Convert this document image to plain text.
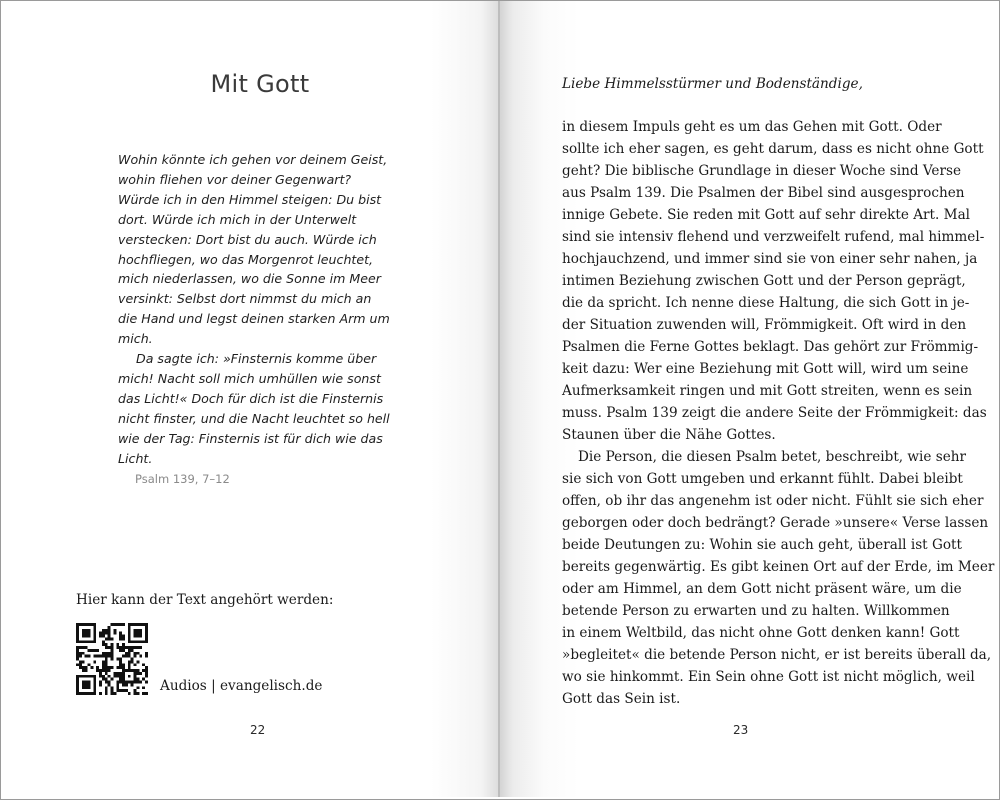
Mit Gott
Wohin könnte ich gehen vor deinem Geist,
wohin fliehen vor deiner Gegenwart?
Würde ich in den Himmel steigen: Du bist
dort. Würde ich mich in der Unterwelt
verstecken: Dort bist du auch. Würde ich
hochfliegen, wo das Morgenrot leuchtet,
mich niederlassen, wo die Sonne im Meer
versinkt: Selbst dort nimmst du mich an
die Hand und legst deinen starken Arm um
mich.
Da sagte ich: »Finsternis komme über
mich! Nacht soll mich umhüllen wie sonst
das Licht!« Doch für dich ist die Finsternis
nicht finster, und die Nacht leuchtet so hell
wie der Tag: Finsternis ist für dich wie das
Licht.
Psalm 139, 7–12
Hier kann der Text angehört werden:
Audios | evangelisch.de
22
Liebe Himmelsstürmer und Bodenständige,
in diesem Impuls geht es um das Gehen mit Gott. Oder
sollte ich eher sagen, es geht darum, dass es nicht ohne Gott
geht? Die biblische Grundlage in dieser Woche sind Verse
aus Psalm 139. Die Psalmen der Bibel sind ausgesprochen
innige Gebete. Sie reden mit Gott auf sehr direkte Art. Mal
sind sie intensiv flehend und verzweifelt rufend, mal himmel-
hochjauchzend, und immer sind sie von einer sehr nahen, ja
intimen Beziehung zwischen Gott und der Person geprägt,
die da spricht. Ich nenne diese Haltung, die sich Gott in je-
der Situation zuwenden will, Frömmigkeit. Oft wird in den
Psalmen die Ferne Gottes beklagt. Das gehört zur Frömmig-
keit dazu: Wer eine Beziehung mit Gott will, wird um seine
Aufmerksamkeit ringen und mit Gott streiten, wenn es sein
muss. Psalm 139 zeigt die andere Seite der Frömmigkeit: das
Staunen über die Nähe Gottes.
Die Person, die diesen Psalm betet, beschreibt, wie sehr
sie sich von Gott umgeben und erkannt fühlt. Dabei bleibt
offen, ob ihr das angenehm ist oder nicht. Fühlt sie sich eher
geborgen oder doch bedrängt? Gerade »unsere« Verse lassen
beide Deutungen zu: Wohin sie auch geht, überall ist Gott
bereits gegenwärtig. Es gibt keinen Ort auf der Erde, im Meer
oder am Himmel, an dem Gott nicht präsent wäre, um die
betende Person zu erwarten und zu halten. Willkommen
in einem Weltbild, das nicht ohne Gott denken kann! Gott
»begleitet« die betende Person nicht, er ist bereits überall da,
wo sie hinkommt. Ein Sein ohne Gott ist nicht möglich, weil
Gott das Sein ist.
23
